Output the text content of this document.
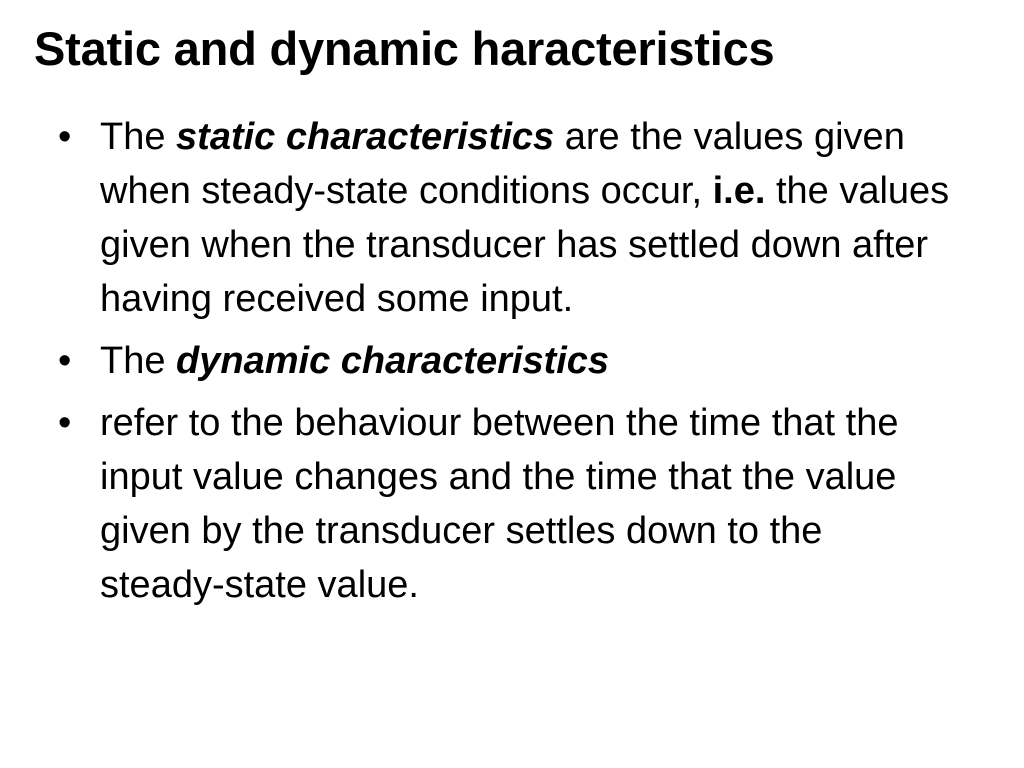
Static and dynamic haracteristics
• The static characteristics are the values given when steady-state conditions occur, i.e. the values given when the transducer has settled down after having received some input.
• The dynamic characteristics
• refer to the behaviour between the time that the input value changes and the time that the value given by the transducer settles down to the steady-state value.
